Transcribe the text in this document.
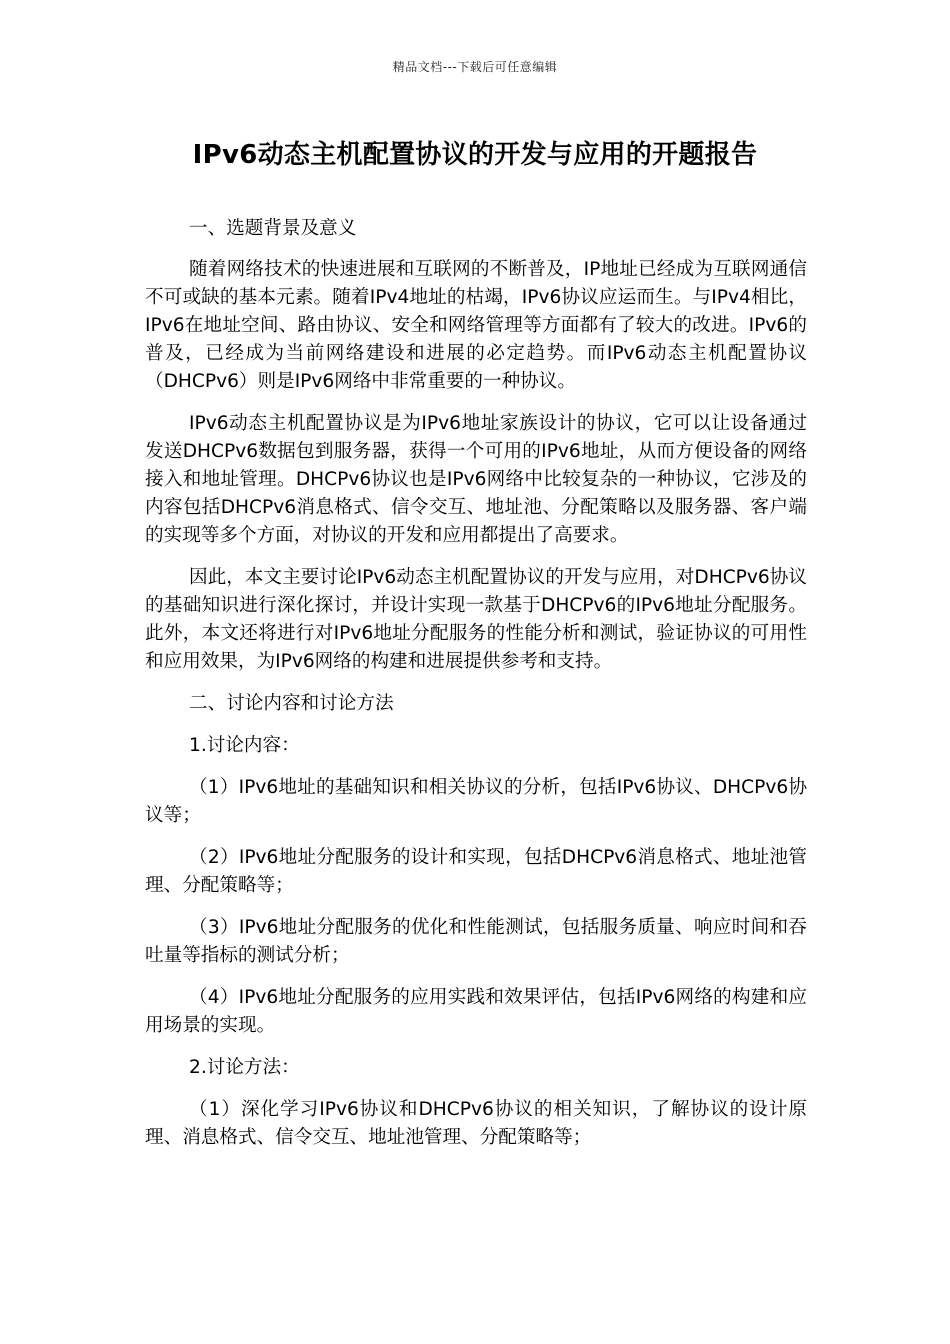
精品文档---下载后可任意编辑
IPv6动态主机配置协议的开发与应用的开题报告

一、选题背景及意义

随着网络技术的快速进展和互联网的不断普及，IP地址已经成为互联网通信不可或缺的基本元素。随着IPv4地址的枯竭，IPv6协议应运而生。与IPv4相比，IPv6在地址空间、路由协议、安全和网络管理等方面都有了较大的改进。IPv6的普及，已经成为当前网络建设和进展的必定趋势。而IPv6动态主机配置协议（DHCPv6）则是IPv6网络中非常重要的一种协议。

IPv6动态主机配置协议是为IPv6地址家族设计的协议，它可以让设备通过发送DHCPv6数据包到服务器，获得一个可用的IPv6地址，从而方便设备的网络接入和地址管理。DHCPv6协议也是IPv6网络中比较复杂的一种协议，它涉及的内容包括DHCPv6消息格式、信令交互、地址池、分配策略以及服务器、客户端的实现等多个方面，对协议的开发和应用都提出了高要求。

因此，本文主要讨论IPv6动态主机配置协议的开发与应用，对DHCPv6协议的基础知识进行深化探讨，并设计实现一款基于DHCPv6的IPv6地址分配服务。此外，本文还将进行对IPv6地址分配服务的性能分析和测试，验证协议的可用性和应用效果，为IPv6网络的构建和进展提供参考和支持。

二、讨论内容和讨论方法

1.讨论内容：

（1）IPv6地址的基础知识和相关协议的分析，包括IPv6协议、DHCPv6协议等；

（2）IPv6地址分配服务的设计和实现，包括DHCPv6消息格式、地址池管理、分配策略等；

（3）IPv6地址分配服务的优化和性能测试，包括服务质量、响应时间和吞吐量等指标的测试分析；

（4）IPv6地址分配服务的应用实践和效果评估，包括IPv6网络的构建和应用场景的实现。

2.讨论方法：

（1）深化学习IPv6协议和DHCPv6协议的相关知识，了解协议的设计原理、消息格式、信令交互、地址池管理、分配策略等；
